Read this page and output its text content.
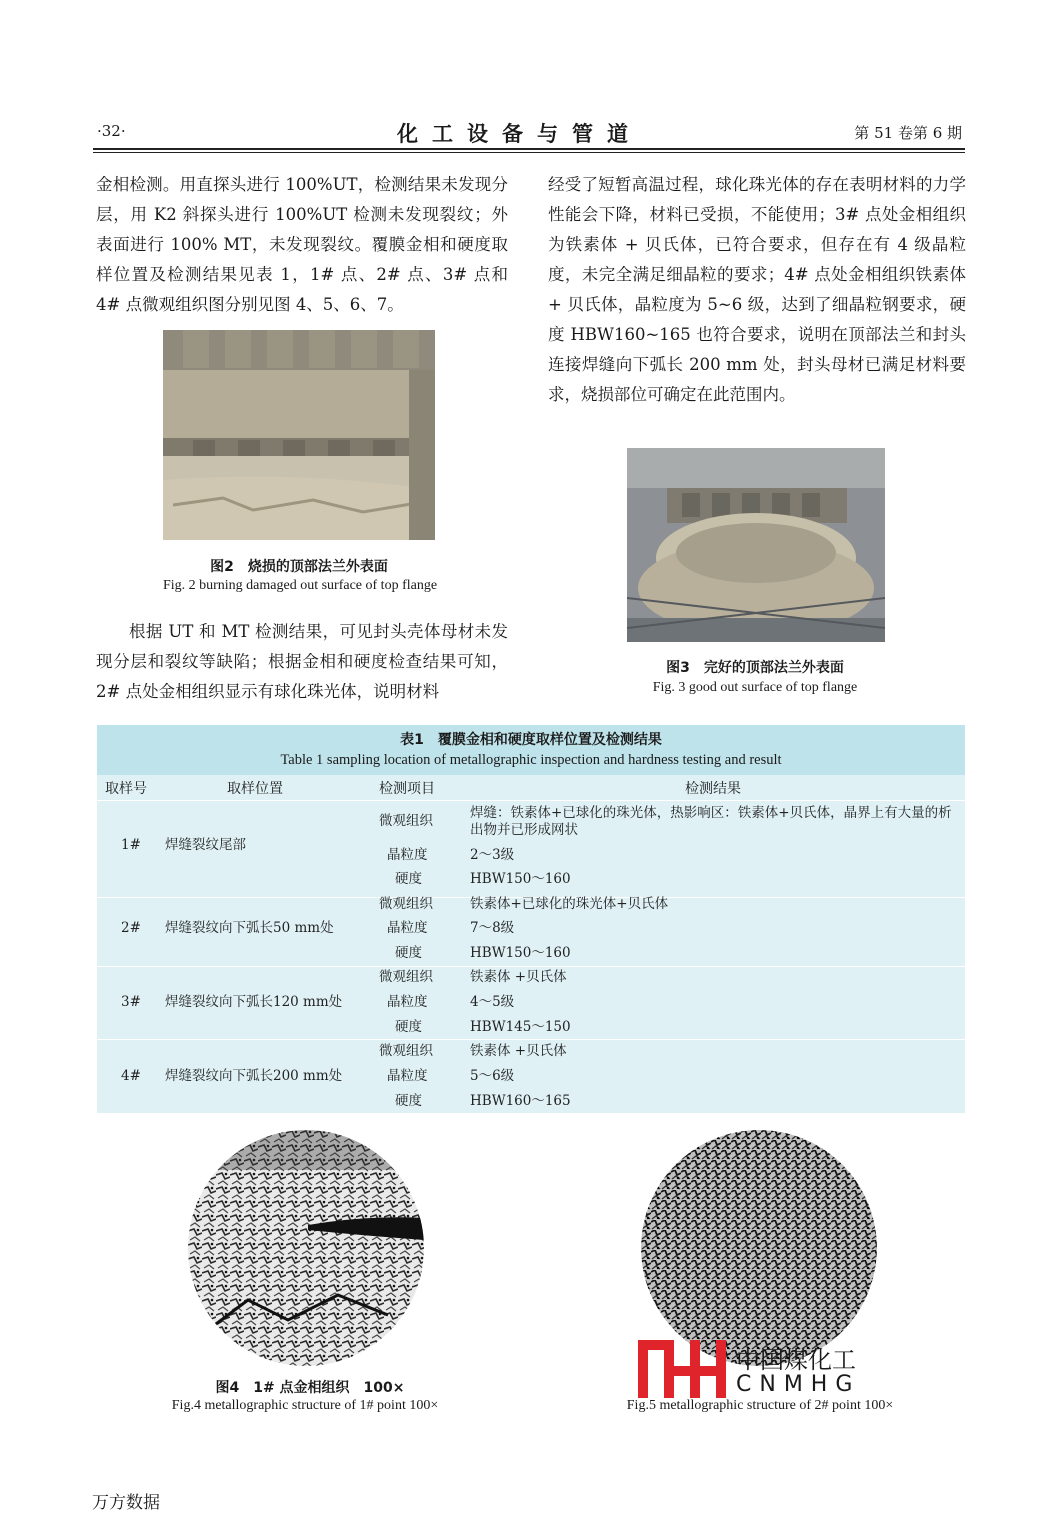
·32·	化工设备与管道	第 51 卷第 6 期

金相检测。用直探头进行 100%UT，检测结果未发现分层，用 K2 斜探头进行 100%UT 检测未发现裂纹；外表面进行 100% MT，未发现裂纹。覆膜金相和硬度取样位置及检测结果见表 1，1# 点、2# 点、3# 点和 4# 点微观组织图分别见图 4、5、6、7。

图2　烧损的顶部法兰外表面
Fig. 2 burning damaged out surface of top flange

根据 UT 和 MT 检测结果，可见封头壳体母材未发现分层和裂纹等缺陷；根据金相和硬度检查结果可知，2# 点处金相组织显示有球化珠光体，说明材料

经受了短暂高温过程，球化珠光体的存在表明材料的力学性能会下降，材料已受损，不能使用；3# 点处金相组织为铁素体 + 贝氏体，已符合要求，但存在有 4 级晶粒度，未完全满足细晶粒的要求；4# 点处金相组织铁素体 + 贝氏体，晶粒度为 5~6 级，达到了细晶粒钢要求，硬度 HBW160~165 也符合要求，说明在顶部法兰和封头连接焊缝向下弧长 200 mm 处，封头母材已满足材料要求，烧损部位可确定在此范围内。

图3　完好的顶部法兰外表面
Fig. 3 good out surface of top flange
表1　覆膜金相和硬度取样位置及检测结果
Table 1 sampling location of metallographic inspection and hardness testing and result
取样号	取样位置	检测项目	检测结果
1# 焊缝裂纹尾部
微观组织	焊缝：铁素体+已球化的珠光体，热影响区：铁素体+贝氏体，晶界上有大量的析出物并已形成网状
晶粒度	2～3级
硬度	HBW150～160
2# 焊缝裂纹向下弧长50 mm处
微观组织	铁素体+已球化的珠光体+贝氏体
晶粒度	7～8级
硬度	HBW150～160
3# 焊缝裂纹向下弧长120 mm处
微观组织	铁素体 +贝氏体
晶粒度	4～5级
硬度	HBW145～150
4# 焊缝裂纹向下弧长200 mm处
微观组织	铁素体 +贝氏体
晶粒度	5～6级
硬度	HBW160～165
图4　1# 点金相组织　100×
Fig.4 metallographic structure of 1# point 100×
中国煤化工
CNMHG
Fig.5 metallographic structure of 2# point 100×
万方数据
